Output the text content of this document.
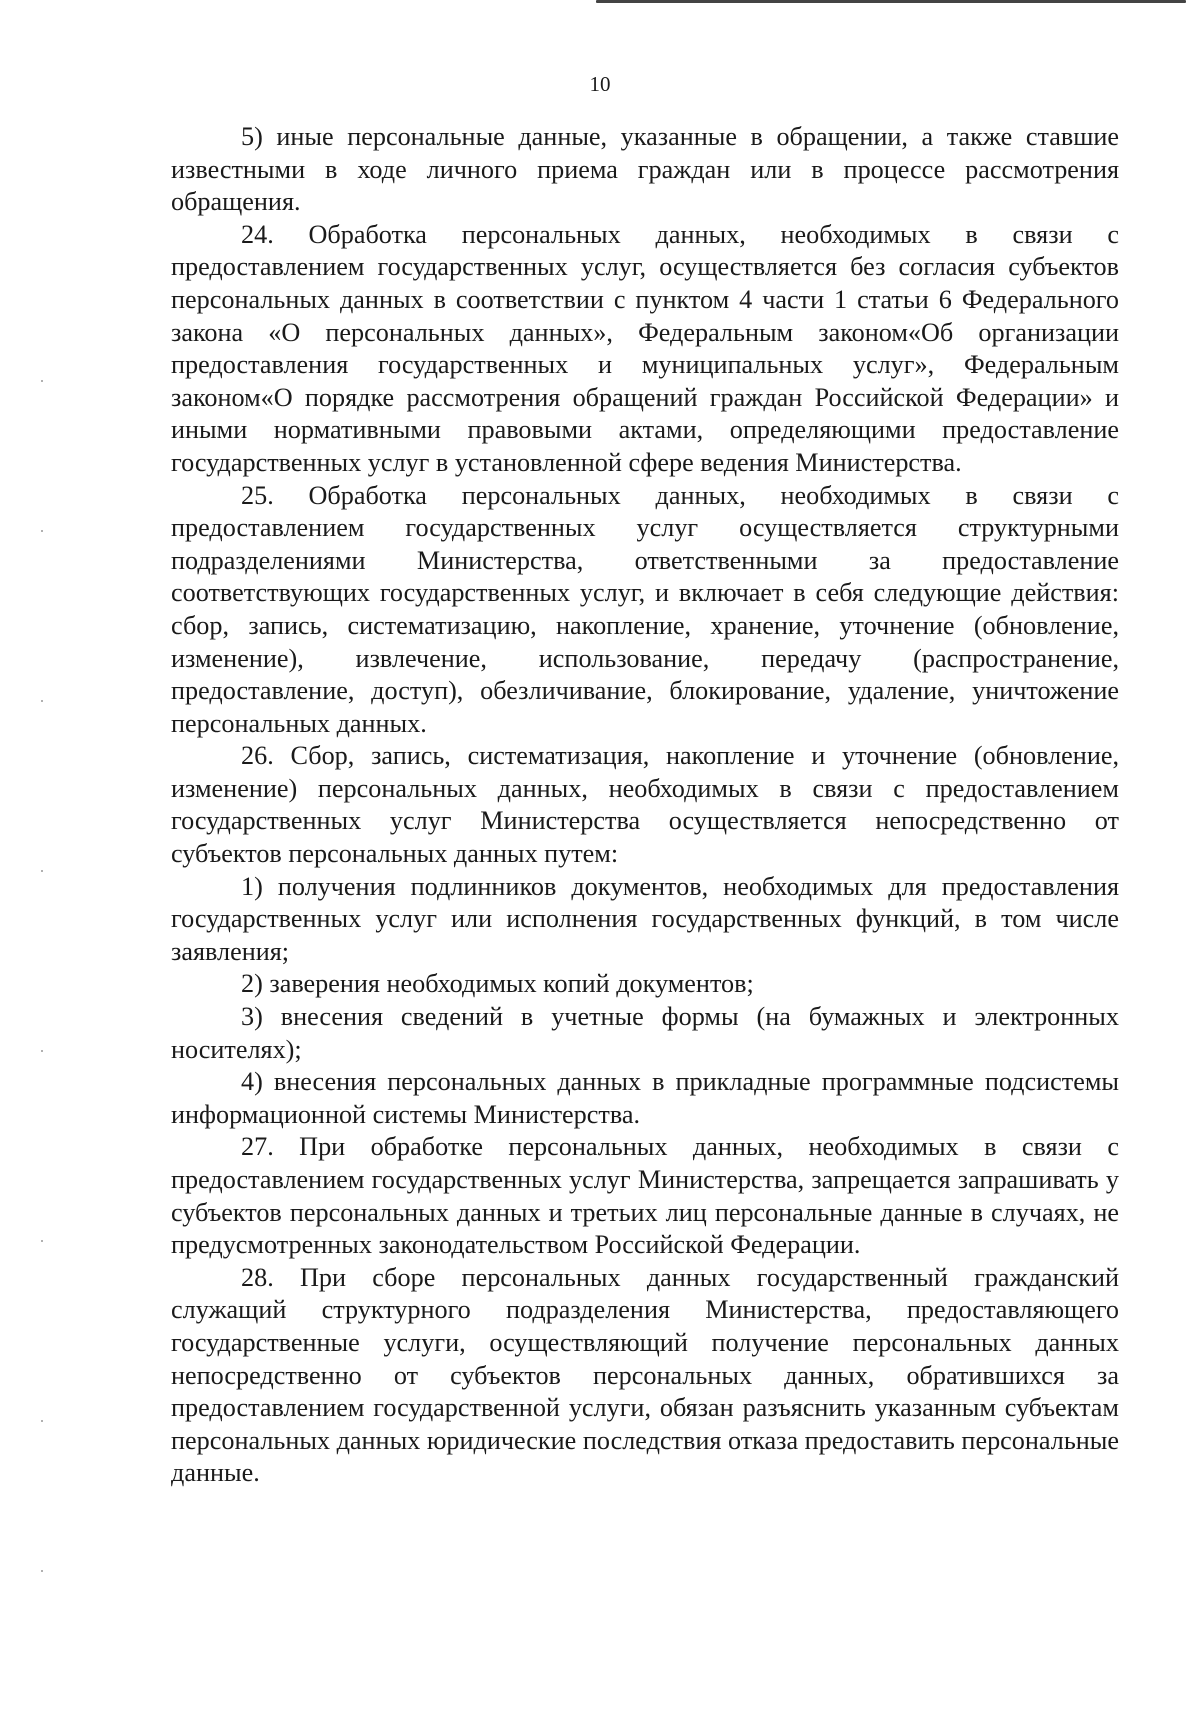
10

5) иные персональные данные, указанные в обращении, а также ставшие известными в ходе личного приема граждан или в процессе рассмотрения обращения.

24. Обработка персональных данных, необходимых в связи с предоставлением государственных услуг, осуществляется без согласия субъектов персональных данных в соответствии с пунктом 4 части 1 статьи 6 Федерального закона «О персональных данных», Федеральным законом«Об организации предоставления государственных и муниципальных услуг», Федеральным законом«О порядке рассмотрения обращений граждан Российской Федерации» и иными нормативными правовыми актами, определяющими предоставление государственных услуг в установленной сфере ведения Министерства.

25. Обработка персональных данных, необходимых в связи с предоставлением государственных услуг осуществляется структурными подразделениями Министерства, ответственными за предоставление соответствующих государственных услуг, и включает в себя следующие действия: сбор, запись, систематизацию, накопление, хранение, уточнение (обновление, изменение), извлечение, использование, передачу (распространение, предоставление, доступ), обезличивание, блокирование, удаление, уничтожение персональных данных.

26. Сбор, запись, систематизация, накопление и уточнение (обновление, изменение) персональных данных, необходимых в связи с предоставлением государственных услуг Министерства осуществляется непосредственно от субъектов персональных данных путем:

1) получения подлинников документов, необходимых для предоставления государственных услуг или исполнения государственных функций, в том числе заявления;

2) заверения необходимых копий документов;

3) внесения сведений в учетные формы (на бумажных и электронных носителях);

4) внесения персональных данных в прикладные программные подсистемы информационной системы Министерства.

27. При обработке персональных данных, необходимых в связи с предоставлением государственных услуг Министерства, запрещается запрашивать у субъектов персональных данных и третьих лиц персональные данные в случаях, не предусмотренных законодательством Российской Федерации.

28. При сборе персональных данных государственный гражданский служащий структурного подразделения Министерства, предоставляющего государственные услуги, осуществляющий получение персональных данных непосредственно от субъектов персональных данных, обратившихся за предоставлением государственной услуги, обязан разъяснить указанным субъектам персональных данных юридические последствия отказа предоставить персональные данные.
